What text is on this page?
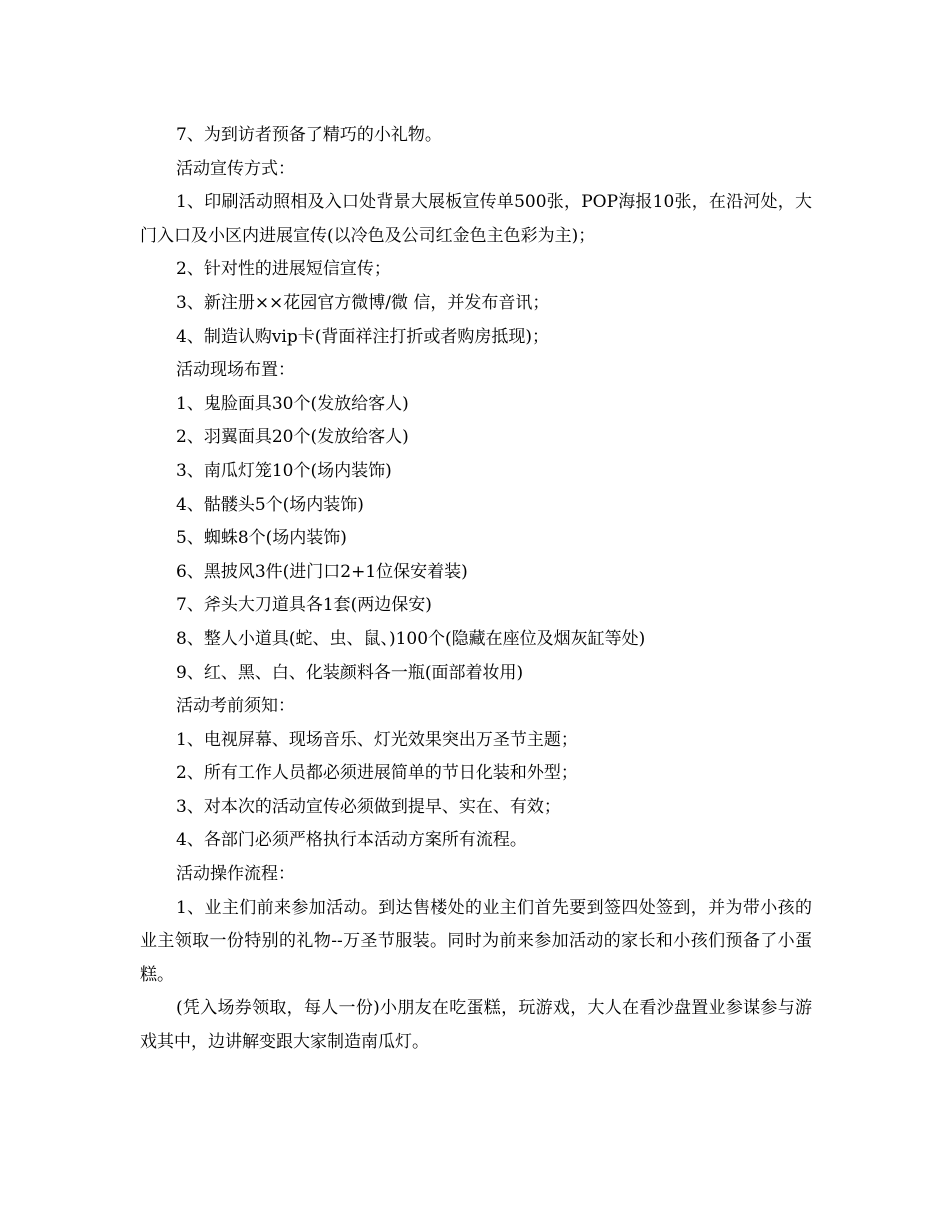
7、为到访者预备了精巧的小礼物。

活动宣传方式：

1、印刷活动照相及入口处背景大展板宣传单500张，POP海报10张，在沿河处，大门入口及小区内进展宣传(以冷色及公司红金色主色彩为主)；

2、针对性的进展短信宣传；

3、新注册××花园官方微博/微 信，并发布音讯；

4、制造认购vip卡(背面祥注打折或者购房抵现)；

活动现场布置：

1、鬼脸面具30个(发放给客人)

2、羽翼面具20个(发放给客人)

3、南瓜灯笼10个(场内装饰)

4、骷髅头5个(场内装饰)

5、蜘蛛8个(场内装饰)

6、黑披风3件(进门口2+1位保安着装)

7、斧头大刀道具各1套(两边保安)

8、整人小道具(蛇、虫、鼠、)100个(隐藏在座位及烟灰缸等处)

9、红、黑、白、化装颜料各一瓶(面部着妆用)

活动考前须知：

1、电视屏幕、现场音乐、灯光效果突出万圣节主题；

2、所有工作人员都必须进展简单的节日化装和外型；

3、对本次的活动宣传必须做到提早、实在、有效；

4、各部门必须严格执行本活动方案所有流程。

活动操作流程：

1、业主们前来参加活动。到达售楼处的业主们首先要到签四处签到，并为带小孩的业主领取一份特别的礼物--万圣节服装。同时为前来参加活动的家长和小孩们预备了小蛋糕。

(凭入场券领取，每人一份)小朋友在吃蛋糕，玩游戏，大人在看沙盘置业参谋参与游戏其中，边讲解变跟大家制造南瓜灯。
